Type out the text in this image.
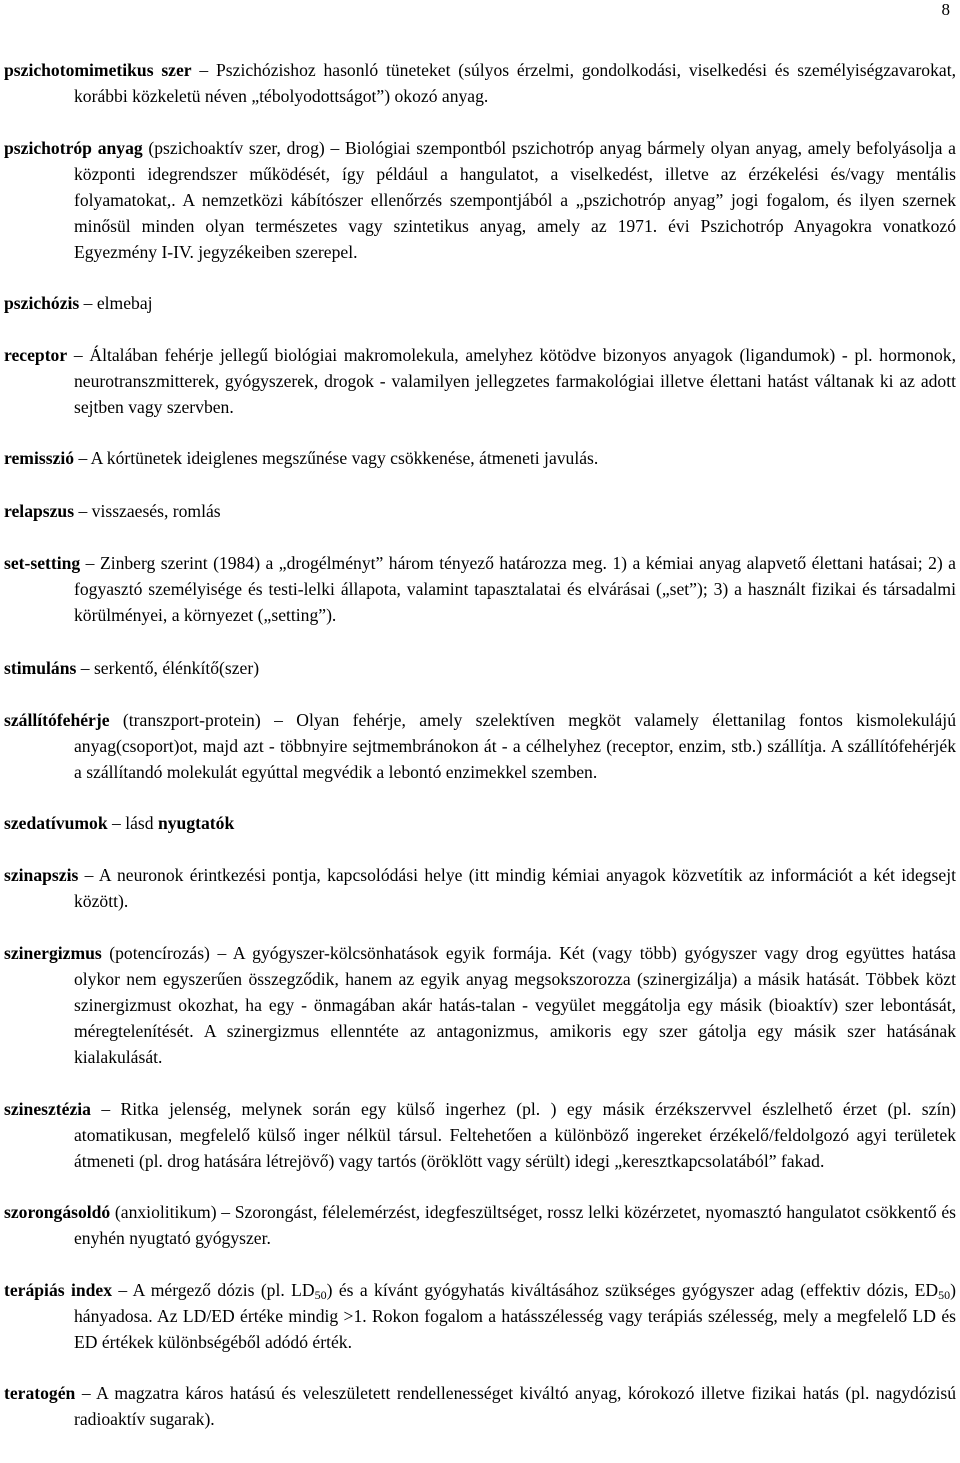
8

pszichotomimetikus szer – Pszichózishoz hasonló tüneteket (súlyos érzelmi, gondolkodási, viselkedési és személyiségzavarokat, korábbi közkeletü néven „tébolyodottságot”) okozó anyag.

pszichotróp anyag (pszichoaktív szer, drog) – Biológiai szempontból pszichotróp anyag bármely olyan anyag, amely befolyásolja a központi idegrendszer működését, így például a hangulatot, a viselkedést, illetve az érzékelési és/vagy mentális folyamatokat,. A nemzetközi kábítószer ellenőrzés szempontjából a „pszichotróp anyag” jogi fogalom, és ilyen szernek minősül minden olyan természetes vagy szintetikus anyag, amely az 1971. évi Pszichotróp Anyagokra vonatkozó Egyezmény I-IV. jegyzékeiben szerepel.

pszichózis – elmebaj

receptor – Általában fehérje jellegű biológiai makromolekula, amelyhez kötödve bizonyos anyagok (ligandumok) - pl. hormonok, neurotranszmitterek, gyógyszerek, drogok - valamilyen jellegzetes farmakológiai illetve élettani hatást váltanak ki az adott sejtben vagy szervben.

remisszió – A kórtünetek ideiglenes megszűnése vagy csökkenése, átmeneti javulás.

relapszus – visszaesés, romlás

set-setting – Zinberg szerint (1984) a „drogélményt” három tényező határozza meg. 1) a kémiai anyag alapvető élettani hatásai; 2) a fogyasztó személyisége és testi-lelki állapota, valamint tapasztalatai és elvárásai („set”); 3) a használt fizikai és társadalmi körülményei, a környezet („setting”).

stimuláns – serkentő, élénkítő(szer)

szállítófehérje (transzport-protein) – Olyan fehérje, amely szelektíven megköt valamely élettanilag fontos kismolekulájú anyag(csoport)ot, majd azt - többnyire sejtmembránokon át - a célhelyhez (receptor, enzim, stb.) szállítja. A szállítófehérjék a szállítandó molekulát egyúttal megvédik a lebontó enzimekkel szemben.

szedatívumok – lásd nyugtatók

szinapszis – A neuronok érintkezési pontja, kapcsolódási helye (itt mindig kémiai anyagok közvetítik az információt a két idegsejt között).

szinergizmus (potencírozás) – A gyógyszer-kölcsönhatások egyik formája. Két (vagy több) gyógyszer vagy drog együttes hatása olykor nem egyszerűen összegződik, hanem az egyik anyag megsokszorozza (szinergizálja) a másik hatását. Többek közt szinergizmust okozhat, ha egy - önmagában akár hatás-talan - vegyület meggátolja egy másik (bioaktív) szer lebontását, méregtelenítését. A szinergizmus ellenntéte az antagonizmus, amikoris egy szer gátolja egy másik szer hatásának kialakulását.

szinesztézia – Ritka jelenség, melynek során egy külső ingerhez (pl. ) egy másik érzékszervvel észlelhető érzet (pl. szín) atomatikusan, megfelelő külső inger nélkül társul. Feltehetően a különböző ingereket érzékelő/feldolgozó agyi területek átmeneti (pl. drog hatására létrejövő) vagy tartós (öröklött vagy sérült) idegi „keresztkapcsolatából” fakad.

szorongásoldó (anxiolitikum) – Szorongást, félelemérzést, idegfeszültséget, rossz lelki közérzetet, nyomasztó hangulatot csökkentő és enyhén nyugtató gyógyszer.

terápiás index – A mérgező dózis (pl. $LD_{50}$) és a kívánt gyógyhatás kiváltásához szükséges gyógyszer adag (effektiv dózis, $ED_{50}$) hányadosa. Az LD/ED értéke mindig >1. Rokon fogalom a hatásszélesség vagy terápiás szélesség, mely a megfelelő LD és ED értékek különbségéből adódó érték.

teratogén – A magzatra káros hatású és veleszületett rendellenességet kiváltó anyag, kórokozó illetve fizikai hatás (pl. nagydózisú radioaktív sugarak).
